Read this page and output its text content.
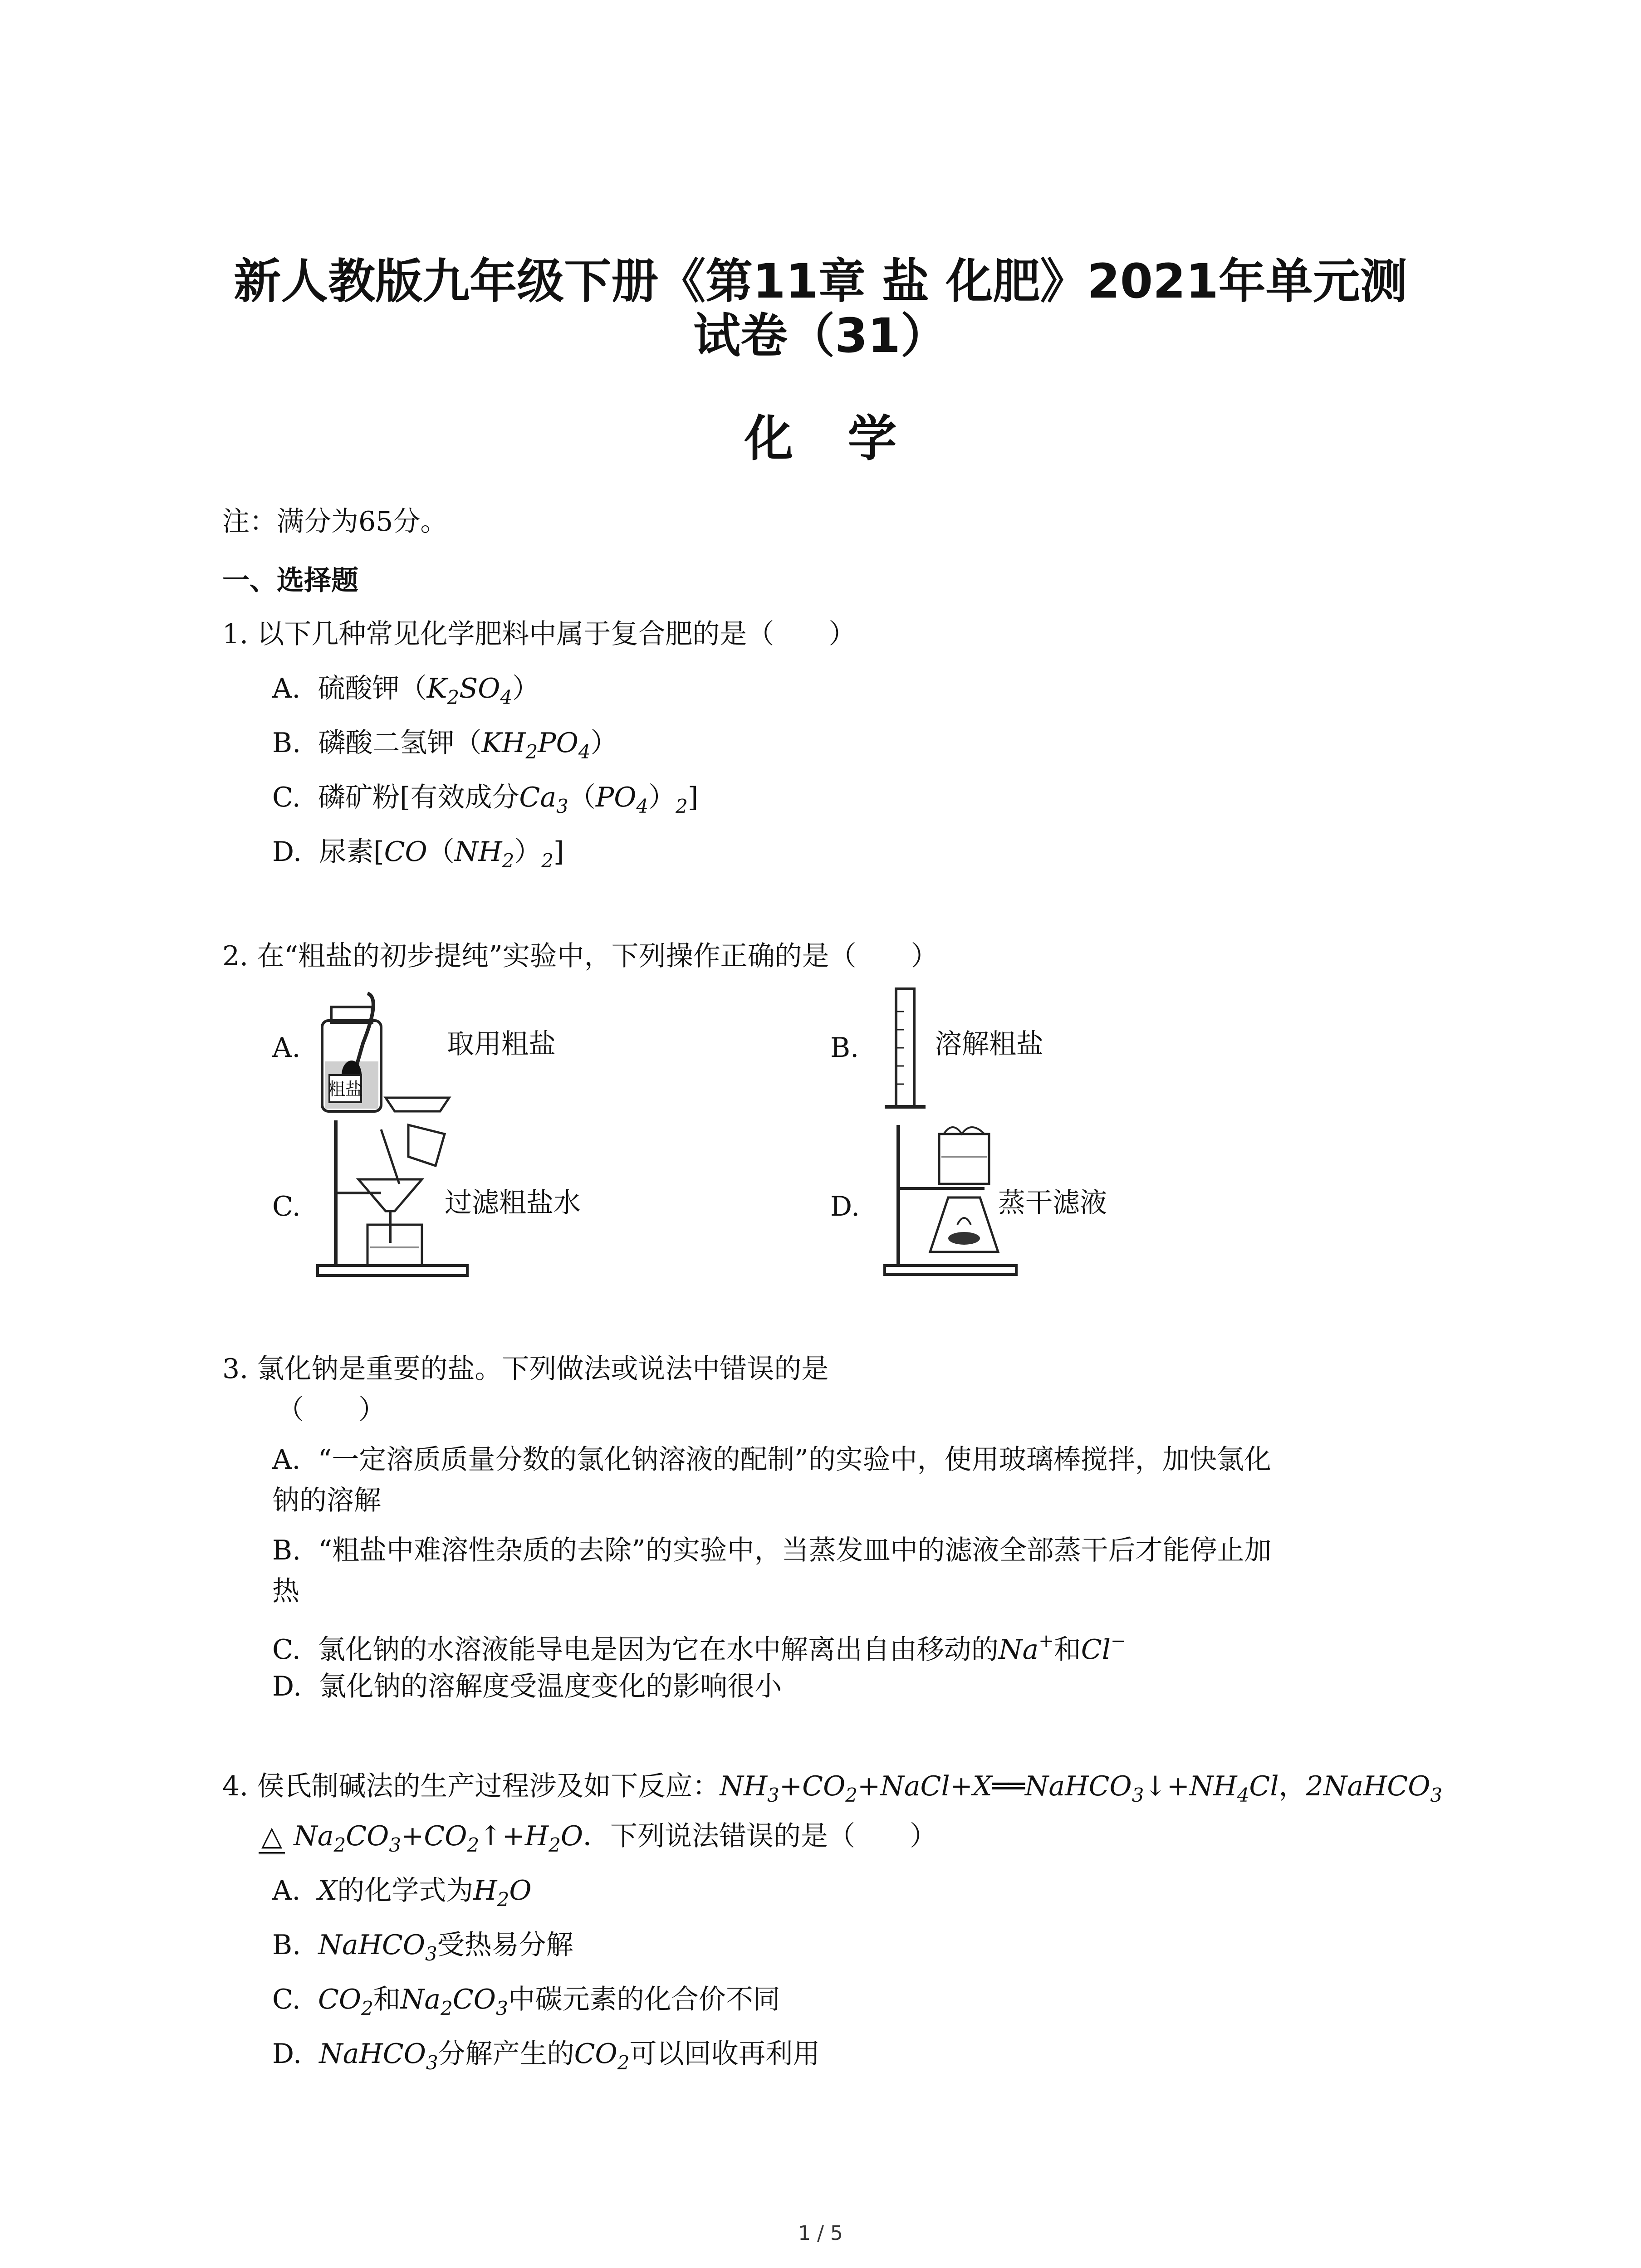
新人教版九年级下册《第11章 盐 化肥》2021年单元测
试卷（31）
化学
注：满分为65分。
一、选择题
1. 以下几种常见化学肥料中属于复合肥的是（　　）
A. 硫酸钾$(K_2SO_4)$
B. 磷酸二氢钾$(KH_2PO_4)$
C. 磷矿粉[有效成分$Ca_3(PO_4)_2$]
D. 尿素$[CO(NH_2)_2]$
2. 在“粗盐的初步提纯”实验中，下列操作正确的是（　　）
A.
粗盐
取用粗盐	B.	溶解粗盐
C.	过滤粗盐水	D.	蒸干滤液
3. 氯化钠是重要的盐。下列做法或说法中错误的是
（　　）
A. “一定溶质质量分数的氯化钠溶液的配制”的实验中，使用玻璃棒搅拌，加快氯化
钠的溶解
B. “粗盐中难溶性杂质的去除”的实验中，当蒸发皿中的滤液全部蒸干后才能停止加
热
C. 氯化钠的水溶液能导电是因为它在水中解离出自由移动的Na+和Cl−
D. 氯化钠的溶解度受温度变化的影响很小
4. 侯氏制碱法的生产过程涉及如下反应：$NH_3+CO_2+NaCl+X══NaHCO_3↓+NH_4Cl$，2NaHCO$_3$
△ $Na_2CO_3+CO_2↑+H_2O$．下列说法错误的是（　　）
A. X的化学式为$H_2O$
B. NaHCO$_3$受热易分解
C. $CO_2$和$Na_2CO_3$中碳元素的化合价不同
D. NaHCO$_3$分解产生的$CO_2$可以回收再利用
1 / 5
